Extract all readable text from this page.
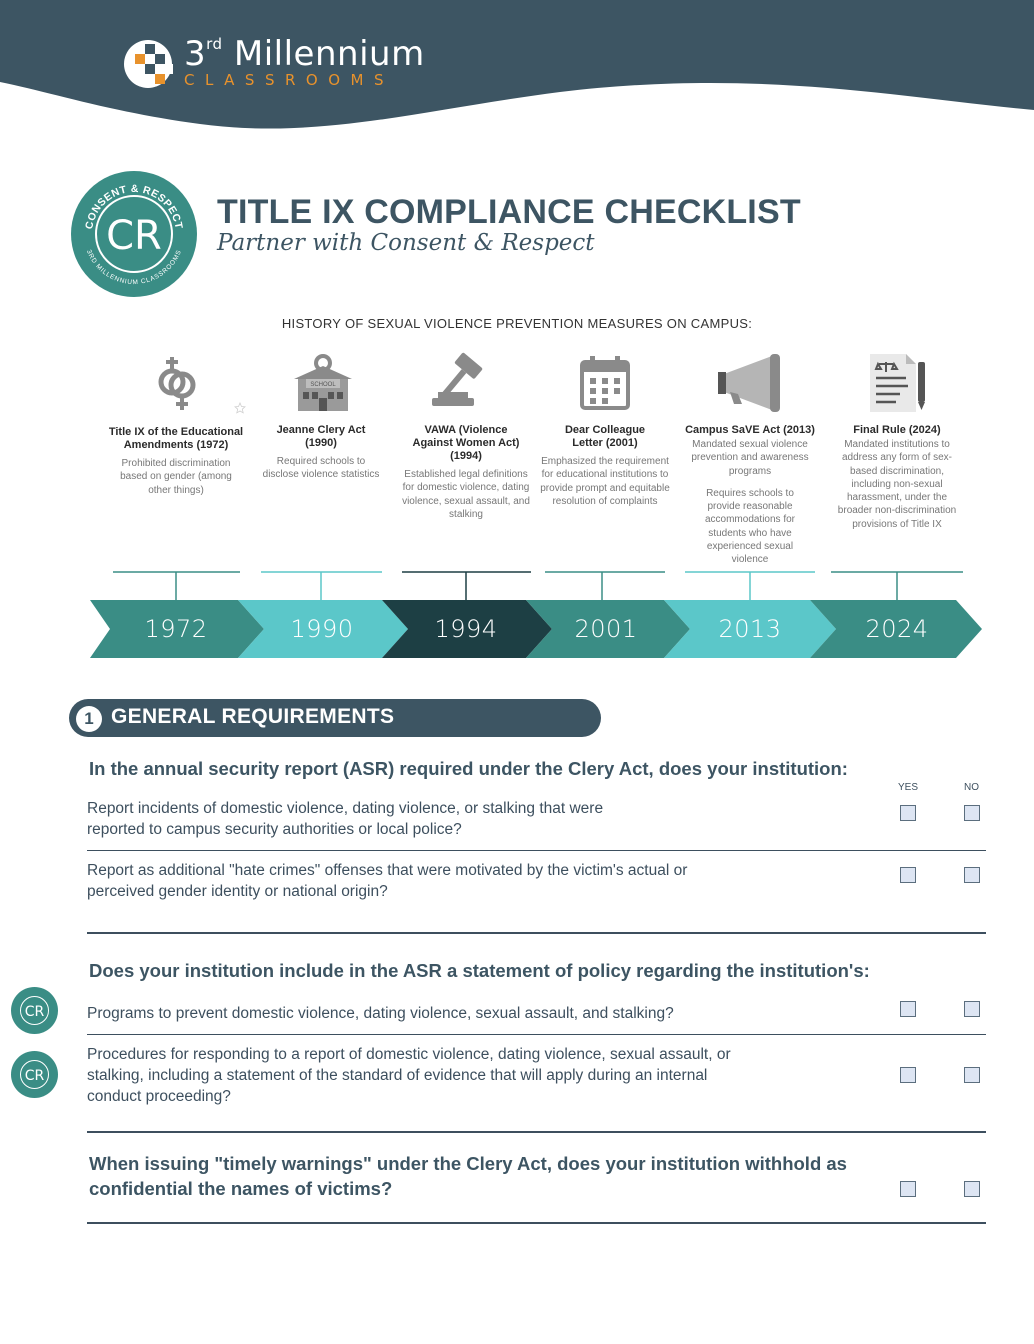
3rd Millennium
CLASSROOMS
CONSENT & RESPECT
3RD MILLENNIUM CLASSROOMS
CR
TITLE IX COMPLIANCE CHECKLIST
Partner with Consent & Respect
HISTORY OF SEXUAL VIOLENCE PREVENTION MEASURES ON CAMPUS:
SCHOOL
Title IX of the Educational Amendments (1972)
Prohibited discrimination based on gender (among other things)
Jeanne Clery Act (1990)
Required schools to disclose violence statistics
VAWA (Violence Against Women Act) (1994)
Established legal definitions for domestic violence, dating violence, sexual assault, and stalking
Dear Colleague Letter (2001)
Emphasized the requirement for educational institutions to provide prompt and equitable resolution of complaints
Campus SaVE Act (2013)
Mandated sexual violence prevention and awareness programs
Requires schools to provide reasonable accommodations for students who have experienced sexual violence
Final Rule (2024)
Mandated institutions to address any form of sex-based discrimination, including non-sexual harassment, under the broader non-discrimination provisions of Title IX
1972	1990	1994	2001	2013	2024
1 GENERAL REQUIREMENTS
In the annual security report (ASR) required under the Clery Act, does your institution:
YES	NO
Report incidents of domestic violence, dating violence, or stalking that were reported to campus security authorities or local police?
Report as additional "hate crimes" offenses that were motivated by the victim's actual or perceived gender identity or national origin?
Does your institution include in the ASR a statement of policy regarding the institution's:
CR	Programs to prevent domestic violence, dating violence, sexual assault, and stalking?
CR
Procedures for responding to a report of domestic violence, dating violence, sexual assault, or stalking, including a statement of the standard of evidence that will apply during an internal conduct proceeding?
When issuing "timely warnings" under the Clery Act, does your institution withhold as confidential the names of victims?
